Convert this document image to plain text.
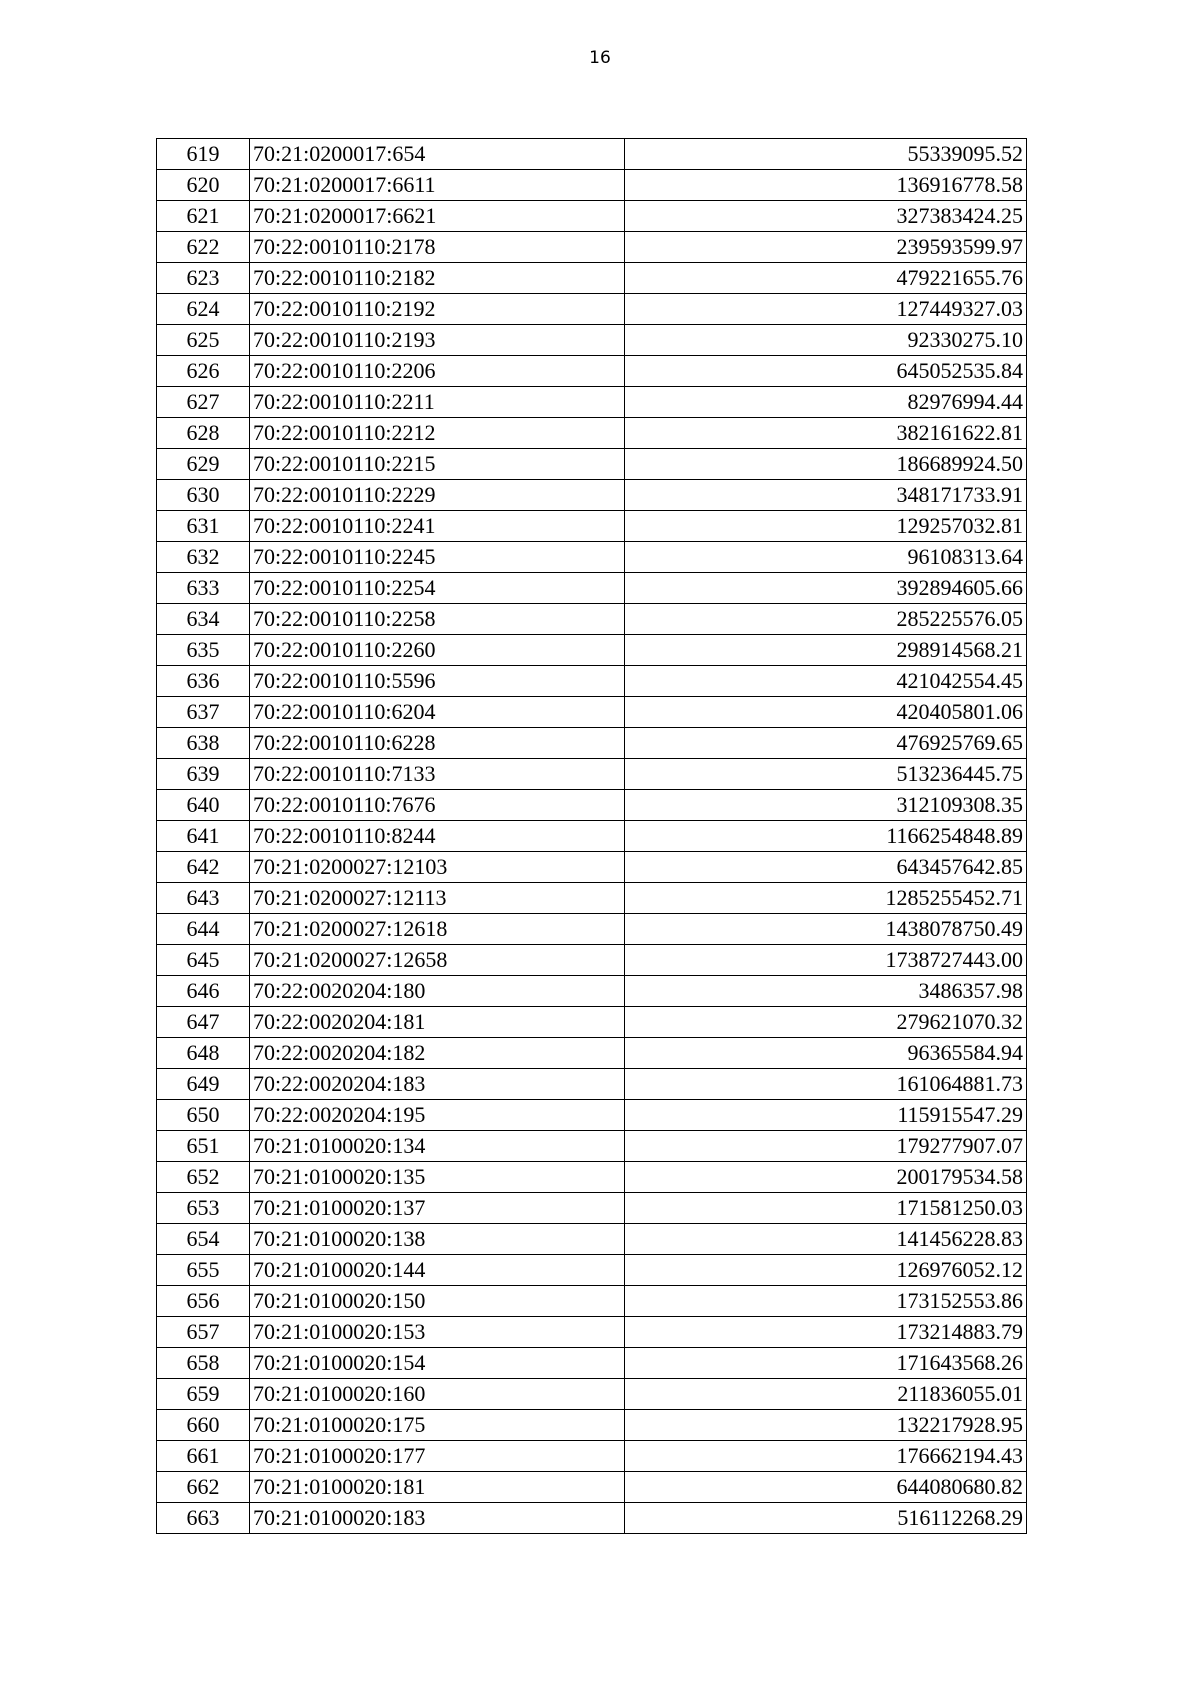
16
619	70:21:0200017:654	55339095.52
620	70:21:0200017:6611	136916778.58
621	70:21:0200017:6621	327383424.25
622	70:22:0010110:2178	239593599.97
623	70:22:0010110:2182	479221655.76
624	70:22:0010110:2192	127449327.03
625	70:22:0010110:2193	92330275.10
626	70:22:0010110:2206	645052535.84
627	70:22:0010110:2211	82976994.44
628	70:22:0010110:2212	382161622.81
629	70:22:0010110:2215	186689924.50
630	70:22:0010110:2229	348171733.91
631	70:22:0010110:2241	129257032.81
632	70:22:0010110:2245	96108313.64
633	70:22:0010110:2254	392894605.66
634	70:22:0010110:2258	285225576.05
635	70:22:0010110:2260	298914568.21
636	70:22:0010110:5596	421042554.45
637	70:22:0010110:6204	420405801.06
638	70:22:0010110:6228	476925769.65
639	70:22:0010110:7133	513236445.75
640	70:22:0010110:7676	312109308.35
641	70:22:0010110:8244	1166254848.89
642	70:21:0200027:12103	643457642.85
643	70:21:0200027:12113	1285255452.71
644	70:21:0200027:12618	1438078750.49
645	70:21:0200027:12658	1738727443.00
646	70:22:0020204:180	3486357.98
647	70:22:0020204:181	279621070.32
648	70:22:0020204:182	96365584.94
649	70:22:0020204:183	161064881.73
650	70:22:0020204:195	115915547.29
651	70:21:0100020:134	179277907.07
652	70:21:0100020:135	200179534.58
653	70:21:0100020:137	171581250.03
654	70:21:0100020:138	141456228.83
655	70:21:0100020:144	126976052.12
656	70:21:0100020:150	173152553.86
657	70:21:0100020:153	173214883.79
658	70:21:0100020:154	171643568.26
659	70:21:0100020:160	211836055.01
660	70:21:0100020:175	132217928.95
661	70:21:0100020:177	176662194.43
662	70:21:0100020:181	644080680.82
663	70:21:0100020:183	516112268.29
